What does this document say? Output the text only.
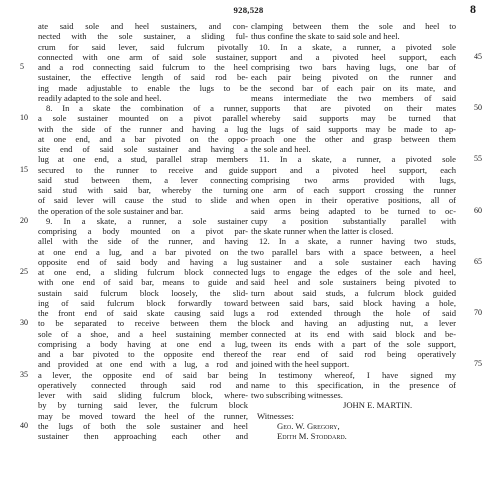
928,528	8
ate said sole and heel sustainers, and con-
nected with the sole sustainer, a sliding ful-
crum for said lever, said fulcrum pivotally
connected with one arm of said sole sustainer,
5 and a rod connecting said fulcrum to the heel
sustainer, the effective length of said rod be-
ing made adjustable to enable the lugs to be
readily adapted to the sole and heel.
8. In a skate the combination of a runner,
10 a sole sustainer mounted on a pivot parallel
with the side of the runner and having a lug
at one end, and a bar pivoted on the oppo-
site end of said sole sustainer and having a
lug at one end, a stud, parallel strap members
15 secured to the runner to receive and guide
said stud between them, a lever connecting
said stud with said bar, whereby the turning
of said lever will cause the stud to slide and
the operation of the sole sustainer and bar.
20 9. In a skate, a runner, a sole sustainer
comprising a body mounted on a pivot par-
allel with the side of the runner, and having
at one end a lug, and a bar pivoted on the
opposite end of said body and having a lug
25 at one end, a sliding fulcrum block connected
with one end of said bar, means to guide and
sustain said fulcrum block loosely, the slid-
ing of said fulcrum block forwardly toward
the front end of said skate causing said lugs
30 to be separated to receive between them the
sole of a shoe, and a heel sustaining member
comprising a body having at one end a lug,
and a bar pivoted to the opposite end thereof
and provided at one end with a lug, a rod and
35 a lever, the opposite end of said bar being
operatively connected through said rod and
lever with said sliding fulcrum block, where-
by by turning said lever, the fulcrum block
may be moved toward the heel of the runner,
40 the lugs of both the sole sustainer and heel
sustainer then approaching each other and
clamping between them the sole and heel to
thus confine the skate to said sole and heel.
10. In a skate, a runner, a pivoted sole
45
support and a pivoted heel support, each
comprising two bars having lugs, one bar of
each pair being pivoted on the runner and
the second bar of each pair on its mate, and
means intermediate the two members of said
50
supports that are pivoted on their mates
whereby said supports may be turned that
the lugs of said supports may be made to ap-
proach one the other and grasp between them
the sole and heel.
55
11. In a skate, a runner, a pivoted sole
support and a pivoted heel support, each
comprising two arms provided with lugs,
one arm of each support crossing the runner
when open in their operative positions, all of
60
said arms being adapted to be turned to oc-
cupy a position substantially parallel with
the skate runner when the latter is closed.
12. In a skate, a runner having two studs,
two parallel bars with a space between, a heel
65
sustainer and a sole sustainer each having
lugs to engage the edges of the sole and heel,
said heel and sole sustainers being pivoted to
turn about said studs, a fulcrum block guided
between said bars, said block having a hole,
70
a rod extended through the hole of said
block and having an adjusting nut, a lever
connected at its end with said block and be-
tween its ends with a part of the sole support,
the rear end of said rod being operatively
75
joined with the heel support.
In testimony whereof, I have signed my
name to this specification, in the presence of
two subscribing witnesses.
JOHN E. MARTIN.
Witnesses:
Geo. W. Gregory,
Edith M. Stoddard.
